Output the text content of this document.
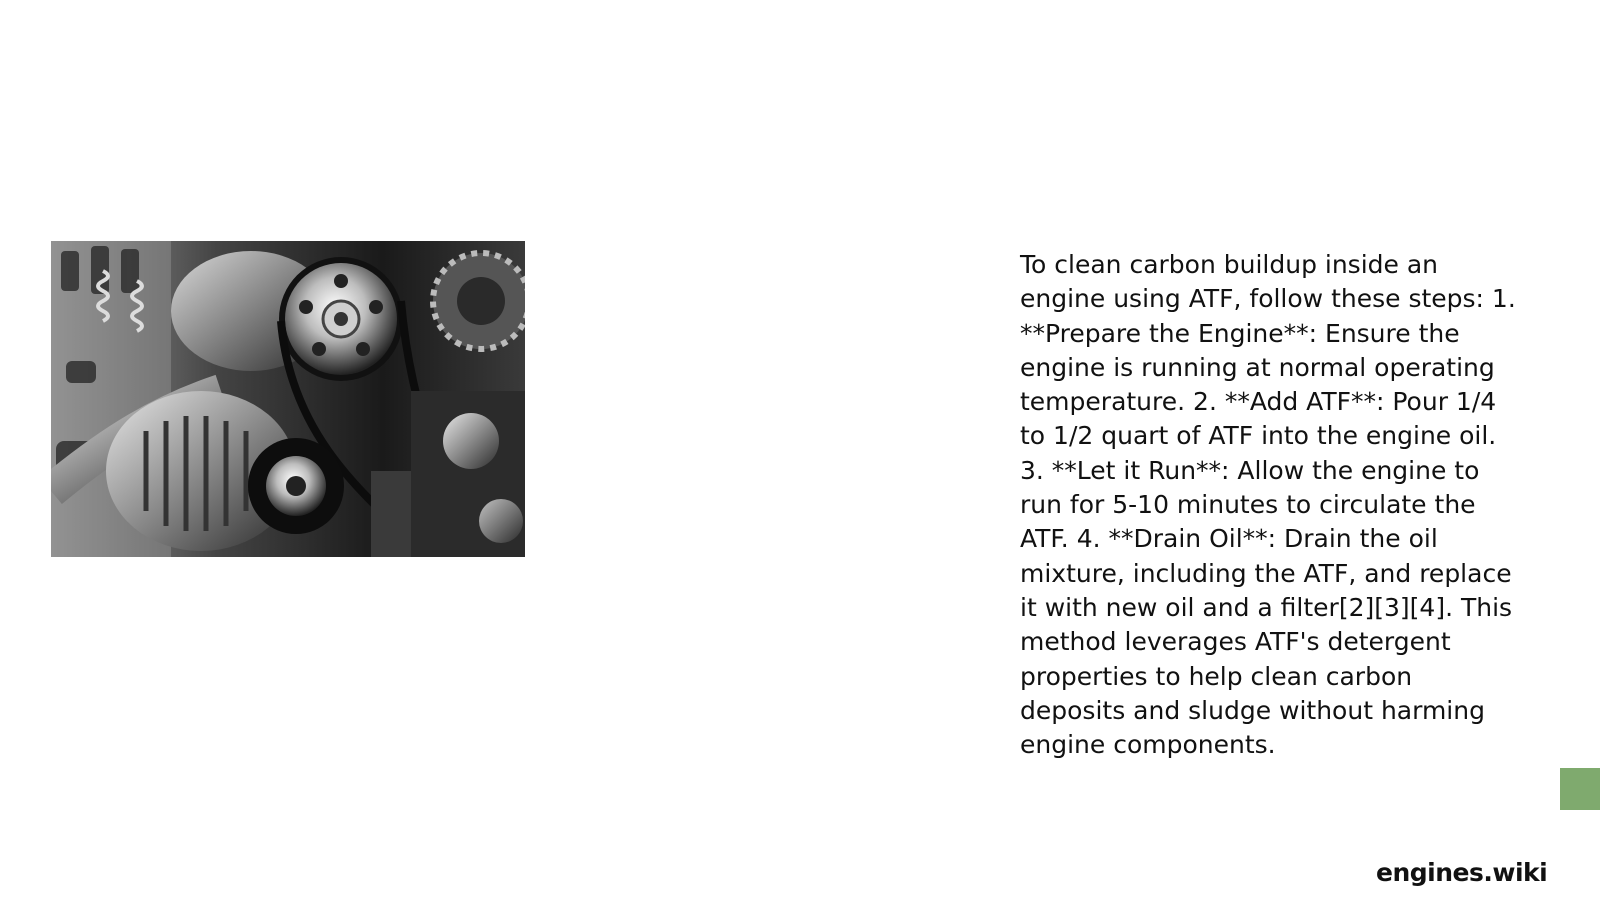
To clean carbon buildup inside an engine using ATF, follow these steps: 1. **Prepare the Engine**: Ensure the engine is running at normal operating temperature. 2. **Add ATF**: Pour 1/4 to 1/2 quart of ATF into the engine oil. 3. **Let it Run**: Allow the engine to run for 5-10 minutes to circulate the ATF. 4. **Drain Oil**: Drain the oil mixture, including the ATF, and replace it with new oil and a filter[2][3][4]. This method leverages ATF's detergent properties to help clean carbon deposits and sludge without harming engine components.

engines.wiki
